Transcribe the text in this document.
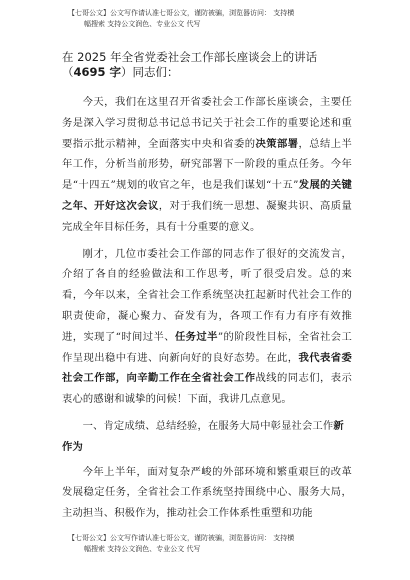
【七哥公文】公文写作请认准七哥公文，谨防被骗，浏览器访问： 支持横
幅搜索 支持公文润色、专业公文 代写
在 2025 年全省党委社会工作部长座谈会上的讲话（4695 字）同志们：

今天，我们在这里召开省委社会工作部长座谈会，主要任务是深入学习贯彻总书记总书记关于社会工作的重要论述和重要指示批示精神，全面落实中央和省委的决策部署，总结上半年工作，分析当前形势，研究部署下一阶段的重点任务。今年是“十四五”规划的收官之年，也是我们谋划“十五”发展的关键之年、开好这次会议，对于我们统一思想、凝聚共识、高质量完成全年目标任务，具有十分重要的意义。

刚才，几位市委社会工作部的同志作了很好的交流发言，介绍了各自的经验做法和工作思考，听了很受启发。总的来看，今年以来，全省社会工作系统坚决扛起新时代社会工作的职责使命，凝心聚力、奋发有为，各项工作有力有序有效推进，实现了“时间过半、任务过半”的阶段性目标，全省社会工作呈现出稳中有进、向新向好的良好态势。在此，我代表省委社会工作部，向辛勤工作在全省社会工作战线的同志们，表示衷心的感谢和诚挚的问候！下面，我讲几点意见。

一、肯定成绩、总结经验，在服务大局中彰显社会工作新作为

今年上半年，面对复杂严峻的外部环境和繁重艰巨的改革发展稳定任务，全省社会工作系统坚持围绕中心、服务大局，主动担当、积极作为，推动社会工作体系性重塑和功能

【七哥公文】公文写作请认准七哥公文，谨防被骗，浏览器访问： 支持横
幅搜索 支持公文润色、专业公文 代写
